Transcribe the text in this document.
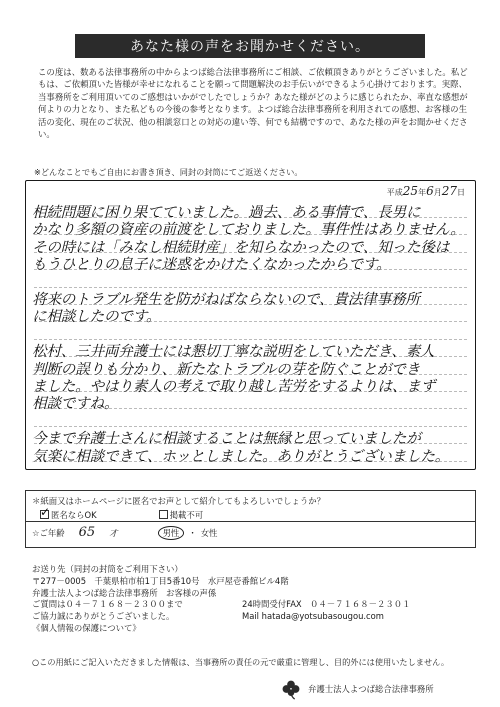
あなた様の声をお聞かせください。

この度は、数ある法律事務所の中からよつば総合法律事務所にご相談、ご依頼頂きありがとうございました。私どもは、ご依頼頂いた皆様が幸せになれることを願って問題解決のお手伝いができるよう心掛けております。実際、当事務所をご利用頂いてのご感想はいかがでしたでしょうか？あなた様がどのように感じられたか、率直な感想が何よりの力となり、また私どもの今後の参考となります。よつば総合法律事務所を利用されての感想、お客様の生活の変化、現在のご状況、他の相談窓口との対応の違い等、何でも結構ですので、あなた様の声をお聞かせください。

※どんなことでもご自由にお書き頂き、同封の封筒にてご返送ください。
平成25年6月27日
相続問題に困り果てていました。過去、ある事情で、長男に
かなり多額の資産の前渡をしておりました。事件性はありません。
その時には「みなし相続財産」を知らなかったので、知った後は
もうひとりの息子に迷惑をかけたくなかったからです。
将来のトラブル発生を防がねばならないので、貴法律事務所
に相談したのです。
松村、三井両弁護士には懇切丁寧な説明をしていただき、素人
判断の誤りも分かり、新たなトラブルの芽を防ぐことができ
ました。やはり素人の考えで取り越し苦労をするよりは、まず
相談ですね。
今まで弁護士さんに相談することは無縁と思っていましたが
気楽に相談できて、ホッとしました。ありがとうございました。
＊紙面又はホームページに匿名でお声として紹介してもよろしいでしょうか？
✓匿名ならOK	掲載不可
☆ご年齢 65 才	男性	・ 女性
お送り先（同封の封筒をご利用下さい）
〒277－0005　千葉県柏市柏1丁目5番10号　水戸屋壱番館ビル4階
弁護士法人よつば総合法律事務所　お客様の声係
ご質問は０４－７１６８－２３００まで	24時間受付FAX　０４－７１６８－２３０１
ご協力誠にありがとうございました。	Mail hatada@yotsubasougou.com
《個人情報の保護について》
○この用紙にご記入いただきました情報は、当事務所の責任の元で厳重に管理し、目的外には使用いたしません。
弁護士法人よつば総合法律事務所
